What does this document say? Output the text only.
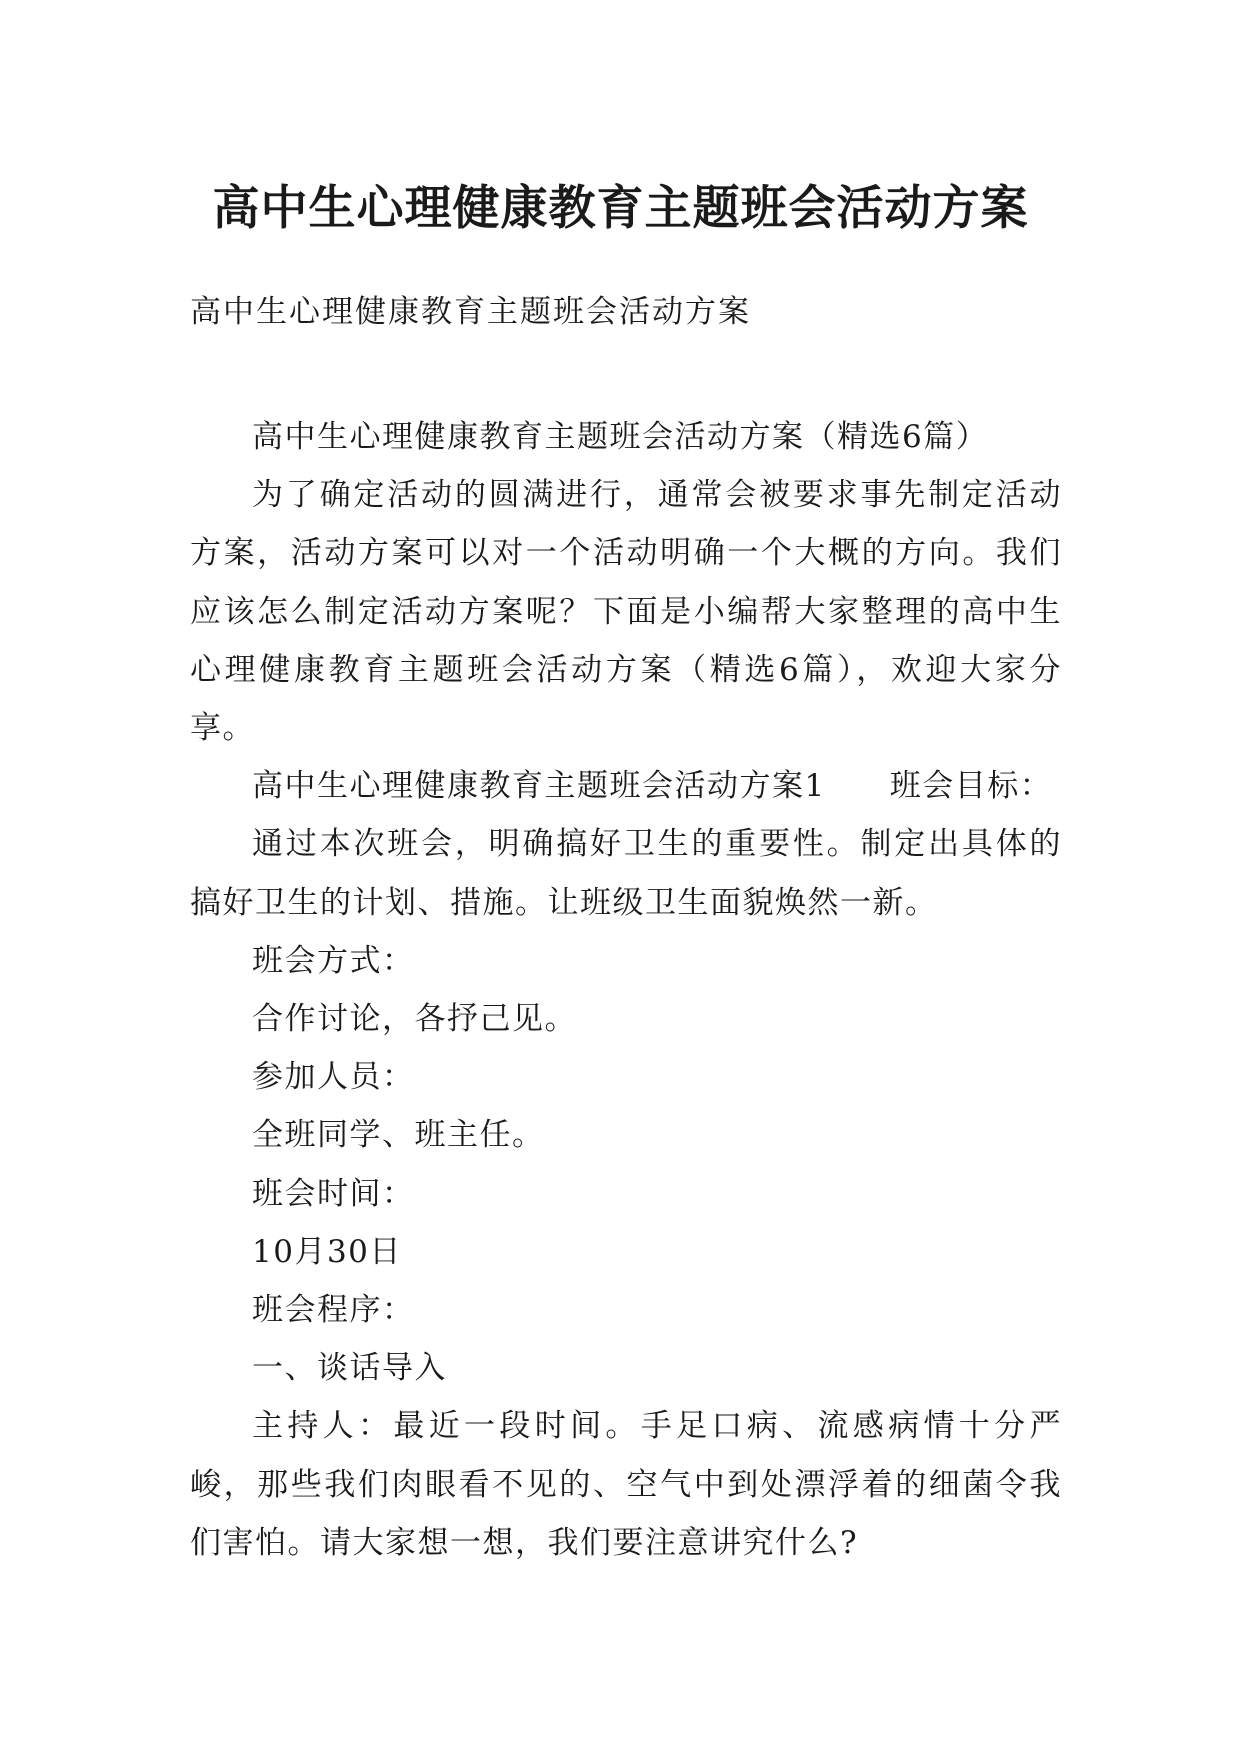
高中生心理健康教育主题班会活动方案
高中生心理健康教育主题班会活动方案

高中生心理健康教育主题班会活动方案（精选6篇）

为了确定活动的圆满进行，通常会被要求事先制定活动方案，活动方案可以对一个活动明确一个大概的方向。我们应该怎么制定活动方案呢？下面是小编帮大家整理的高中生心理健康教育主题班会活动方案（精选6篇），欢迎大家分享。

高中生心理健康教育主题班会活动方案1 班会目标：

通过本次班会，明确搞好卫生的重要性。制定出具体的搞好卫生的计划、措施。让班级卫生面貌焕然一新。

班会方式：

合作讨论，各抒己见。

参加人员：

全班同学、班主任。

班会时间：

10月30日

班会程序：

一、谈话导入

主持人：最近一段时间。手足口病、流感病情十分严峻，那些我们肉眼看不见的、空气中到处漂浮着的细菌令我们害怕。请大家想一想，我们要注意讲究什么?
